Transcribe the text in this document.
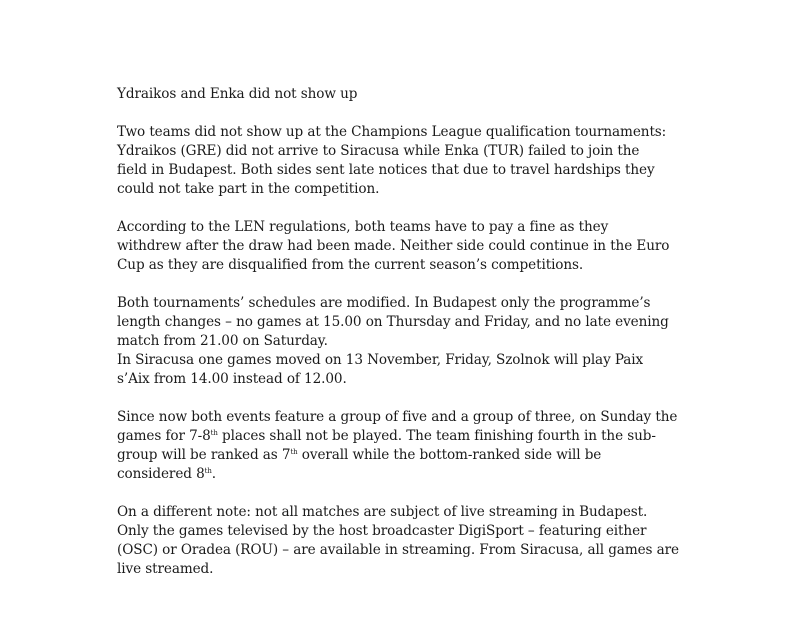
Ydraikos and Enka did not show up

Two teams did not show up at the Champions League qualification tournaments:
Ydraikos (GRE) did not arrive to Siracusa while Enka (TUR) failed to join the
field in Budapest. Both sides sent late notices that due to travel hardships they
could not take part in the competition.

According to the LEN regulations, both teams have to pay a fine as they
withdrew after the draw had been made. Neither side could continue in the Euro
Cup as they are disqualified from the current season’s competitions.

Both tournaments’ schedules are modified. In Budapest only the programme’s
length changes – no games at 15.00 on Thursday and Friday, and no late evening
match from 21.00 on Saturday.
In Siracusa one games moved on 13 November, Friday, Szolnok will play Paix
s’Aix from 14.00 instead of 12.00.

Since now both events feature a group of five and a group of three, on Sunday the
games for 7-8th places shall not be played. The team finishing fourth in the sub-
group will be ranked as 7th overall while the bottom-ranked side will be
considered 8th.

On a different note: not all matches are subject of live streaming in Budapest.
Only the games televised by the host broadcaster DigiSport – featuring either
(OSC) or Oradea (ROU) – are available in streaming. From Siracusa, all games are
live streamed.
